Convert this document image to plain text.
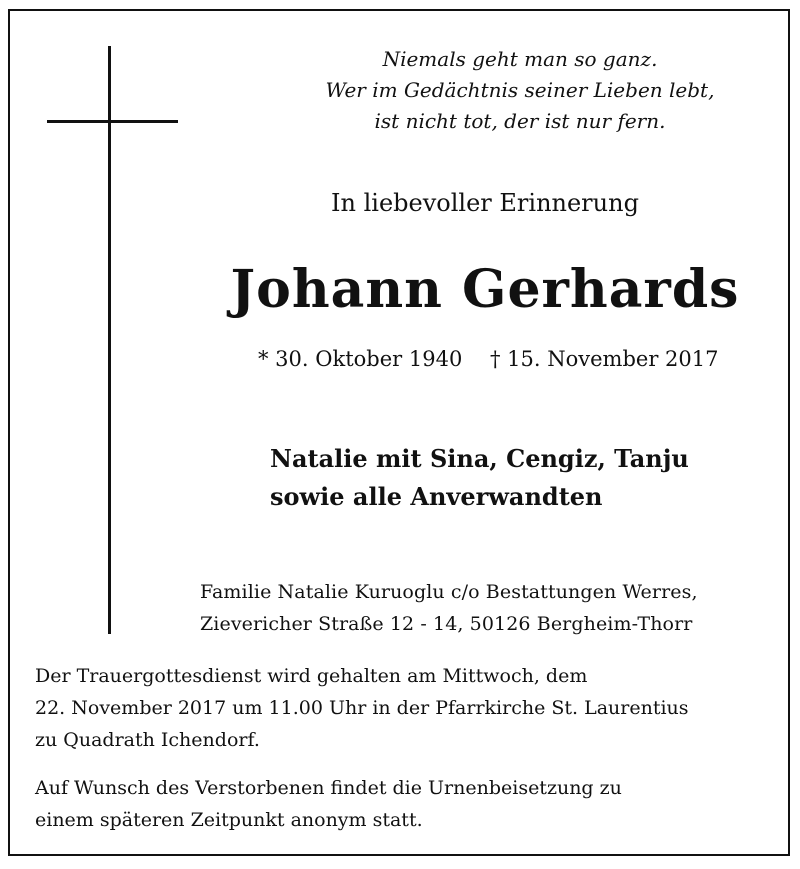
Niemals geht man so ganz.
Wer im Gedächtnis seiner Lieben lebt,
ist nicht tot, der ist nur fern.
In liebevoller Erinnerung
Johann Gerhards
* 30. Oktober 1940 † 15. November 2017
Natalie mit Sina, Cengiz, Tanju
sowie alle Anverwandten
Familie Natalie Kuruoglu c/o Bestattungen Werres,
Zieverіcher Straße 12 - 14, 50126 Bergheim-Thorr
Der Trauergottesdienst wird gehalten am Mittwoch, dem
22. November 2017 um 11.00 Uhr in der Pfarrkirche St. Laurentius
zu Quadrath Ichendorf.
Auf Wunsch des Verstorbenen findet die Urnenbeisetzung zu
einem späteren Zeitpunkt anonym statt.
